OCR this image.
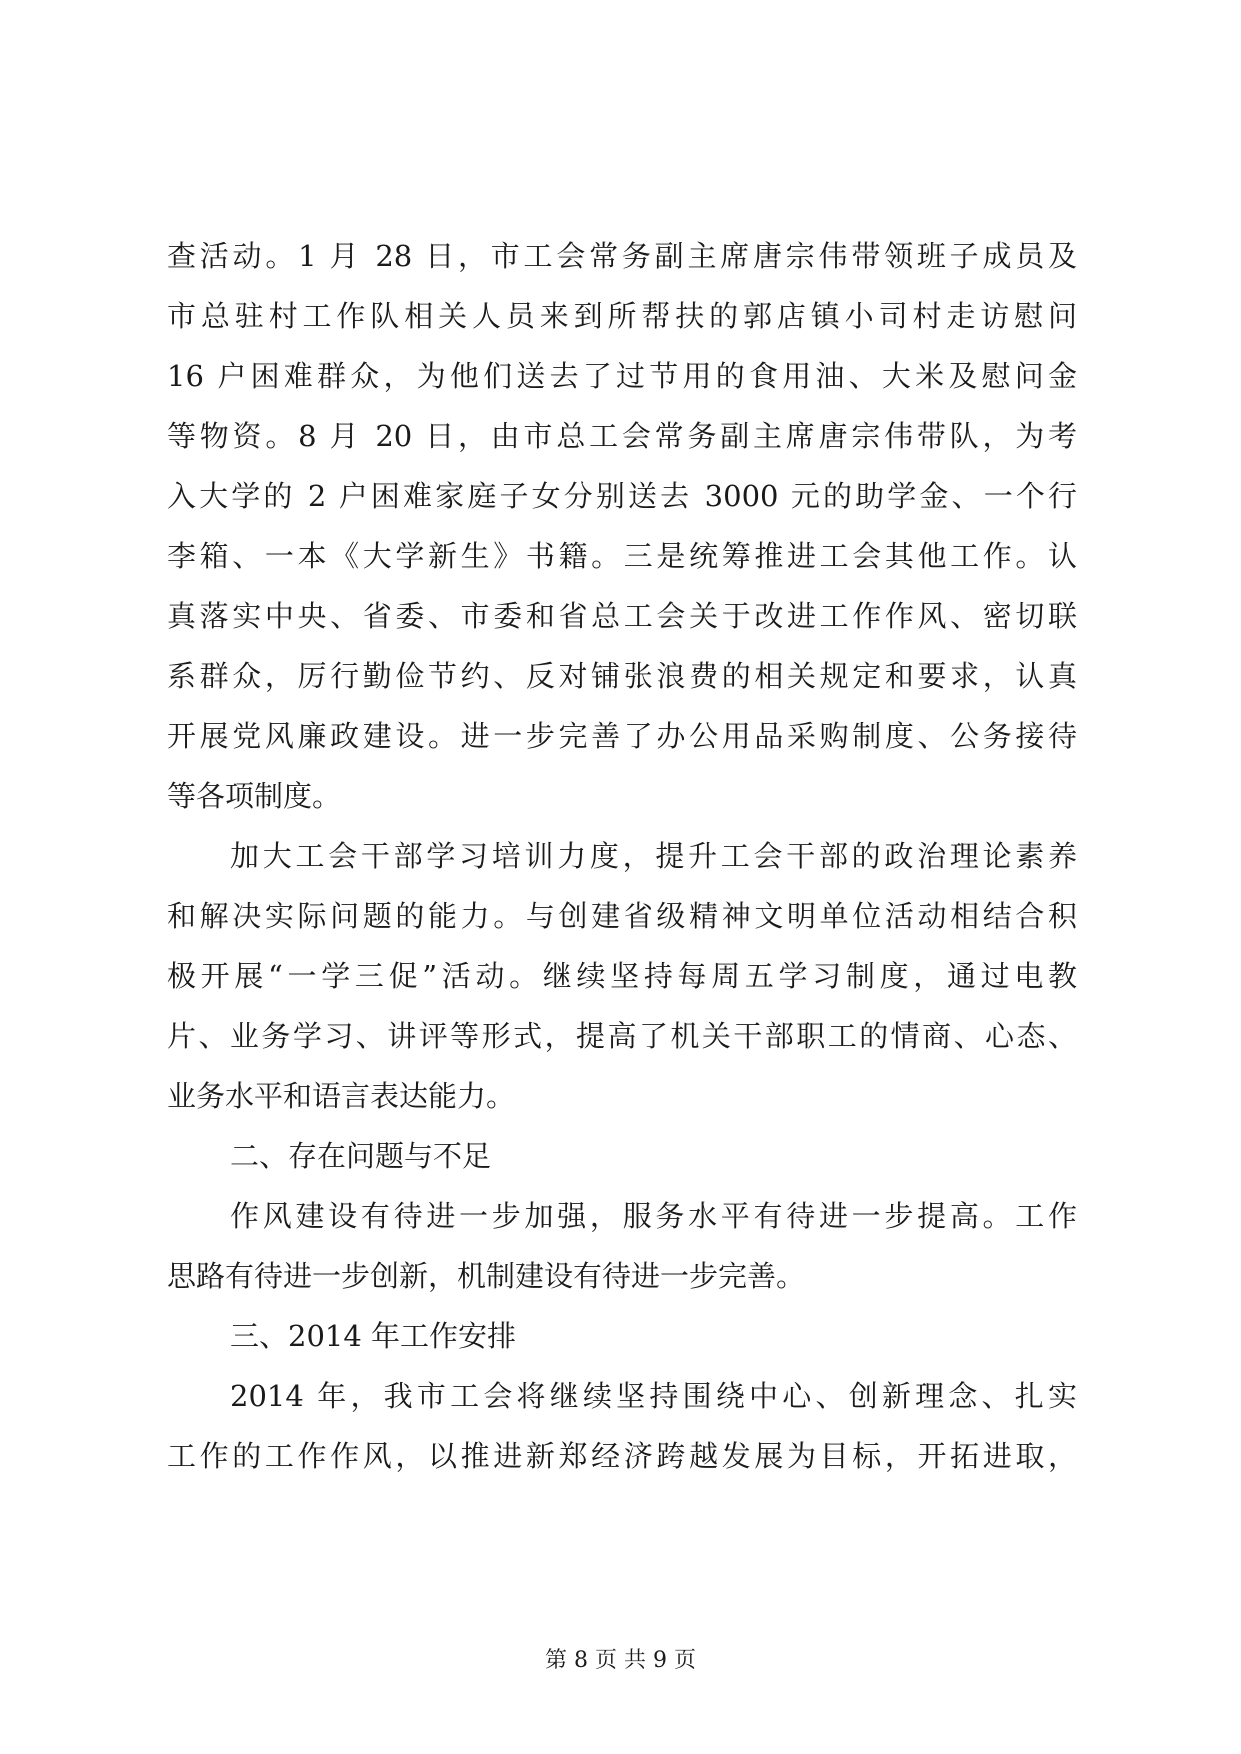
查活动。1 月 28 日，市工会常务副主席唐宗伟带领班子成员及
市总驻村工作队相关人员来到所帮扶的郭店镇小司村走访慰问
16 户困难群众，为他们送去了过节用的食用油、大米及慰问金
等物资。8 月 20 日，由市总工会常务副主席唐宗伟带队，为考
入大学的 2 户困难家庭子女分别送去 3000 元的助学金、一个行
李箱、一本《大学新生》书籍。三是统筹推进工会其他工作。认
真落实中央、省委、市委和省总工会关于改进工作作风、密切联
系群众，厉行勤俭节约、反对铺张浪费的相关规定和要求，认真
开展党风廉政建设。进一步完善了办公用品采购制度、公务接待
等各项制度。
加大工会干部学习培训力度，提升工会干部的政治理论素养
和解决实际问题的能力。与创建省级精神文明单位活动相结合积
极开展“一学三促”活动。继续坚持每周五学习制度，通过电教
片、业务学习、讲评等形式，提高了机关干部职工的情商、心态、
业务水平和语言表达能力。
二、存在问题与不足
作风建设有待进一步加强，服务水平有待进一步提高。工作
思路有待进一步创新，机制建设有待进一步完善。
三、2014 年工作安排
2014 年，我市工会将继续坚持围绕中心、创新理念、扎实
工作的工作作风，以推进新郑经济跨越发展为目标，开拓进取，
第 8 页 共 9 页
